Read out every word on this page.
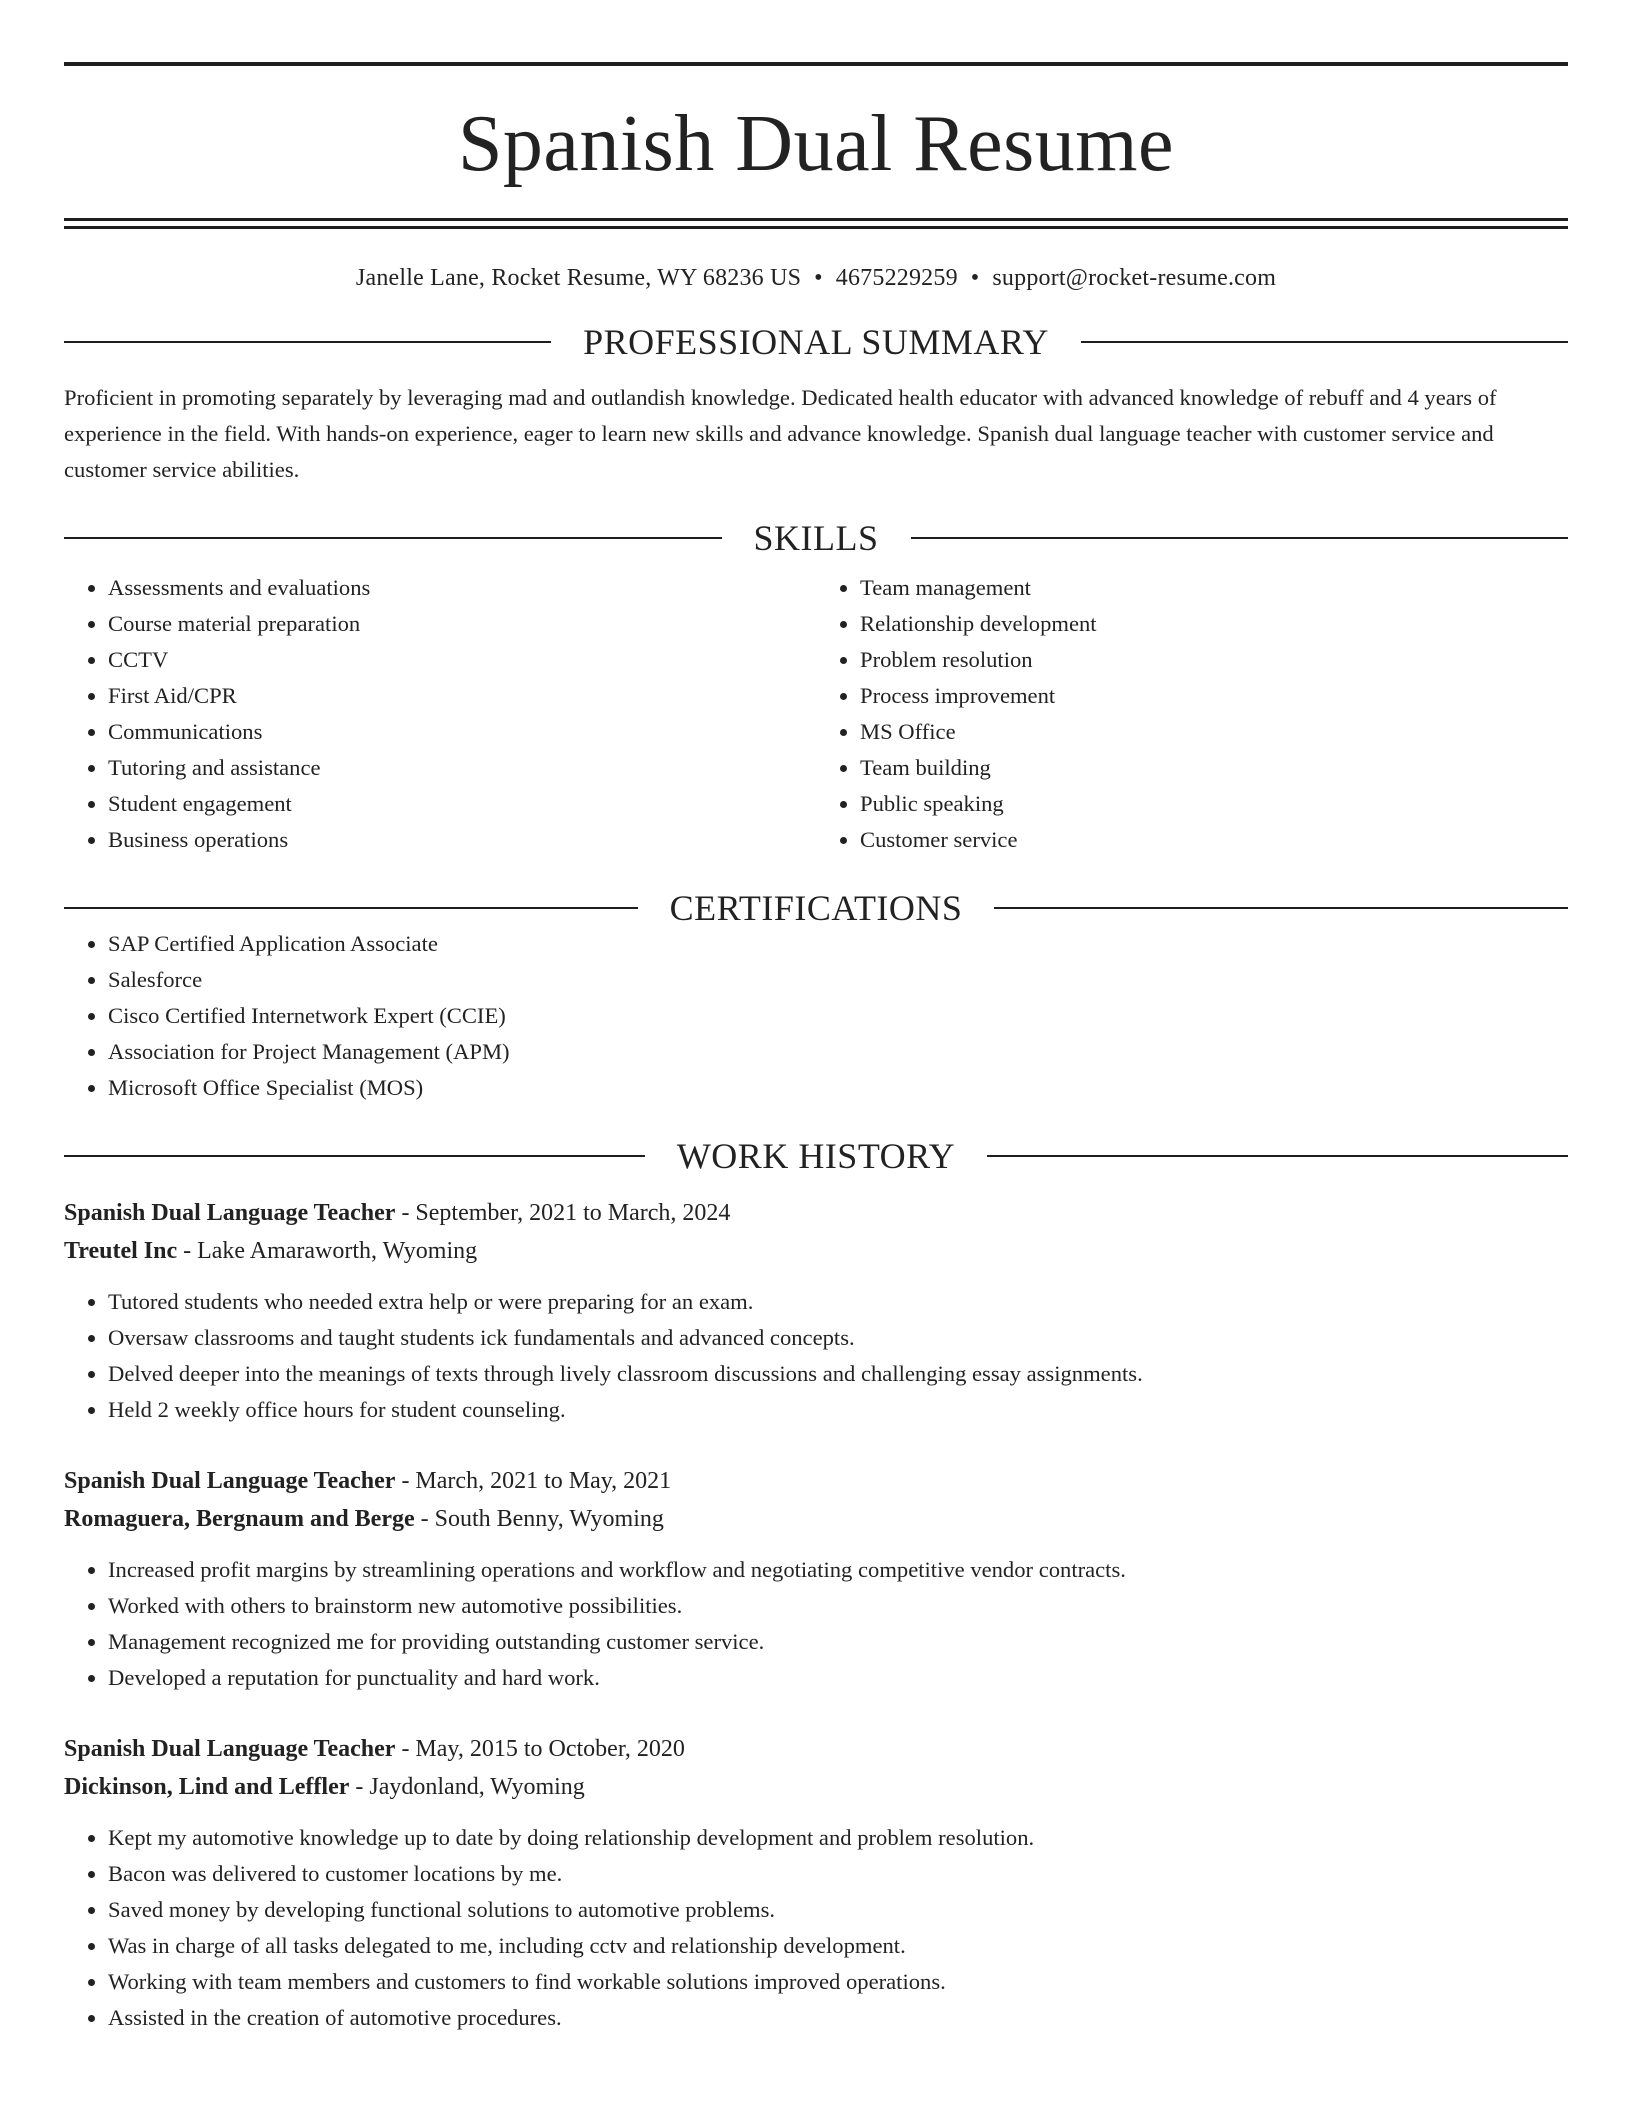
Spanish Dual Resume
Janelle Lane, Rocket Resume, WY 68236 US • 4675229259 • support@rocket-resume.com
PROFESSIONAL SUMMARY

Proficient in promoting separately by leveraging mad and outlandish knowledge. Dedicated health educator with advanced knowledge of rebuff and 4 years of experience in the field. With hands-on experience, eager to learn new skills and advance knowledge. Spanish dual language teacher with customer service and customer service abilities.

SKILLS
• Assessments and evaluations
• Course material preparation
• CCTV
• First Aid/CPR
• Communications
• Tutoring and assistance
• Student engagement
• Business operations
• Team management
• Relationship development
• Problem resolution
• Process improvement
• MS Office
• Team building
• Public speaking
• Customer service
CERTIFICATIONS
• SAP Certified Application Associate
• Salesforce
• Cisco Certified Internetwork Expert (CCIE)
• Association for Project Management (APM)
• Microsoft Office Specialist (MOS)
WORK HISTORY
Spanish Dual Language Teacher - September, 2021 to March, 2024
Treutel Inc - Lake Amaraworth, Wyoming
• Tutored students who needed extra help or were preparing for an exam.
• Oversaw classrooms and taught students ick fundamentals and advanced concepts.
• Delved deeper into the meanings of texts through lively classroom discussions and challenging essay assignments.
• Held 2 weekly office hours for student counseling.
Spanish Dual Language Teacher - March, 2021 to May, 2021
Romaguera, Bergnaum and Berge - South Benny, Wyoming
• Increased profit margins by streamlining operations and workflow and negotiating competitive vendor contracts.
• Worked with others to brainstorm new automotive possibilities.
• Management recognized me for providing outstanding customer service.
• Developed a reputation for punctuality and hard work.
Spanish Dual Language Teacher - May, 2015 to October, 2020
Dickinson, Lind and Leffler - Jaydonland, Wyoming
• Kept my automotive knowledge up to date by doing relationship development and problem resolution.
• Bacon was delivered to customer locations by me.
• Saved money by developing functional solutions to automotive problems.
• Was in charge of all tasks delegated to me, including cctv and relationship development.
• Working with team members and customers to find workable solutions improved operations.
• Assisted in the creation of automotive procedures.
